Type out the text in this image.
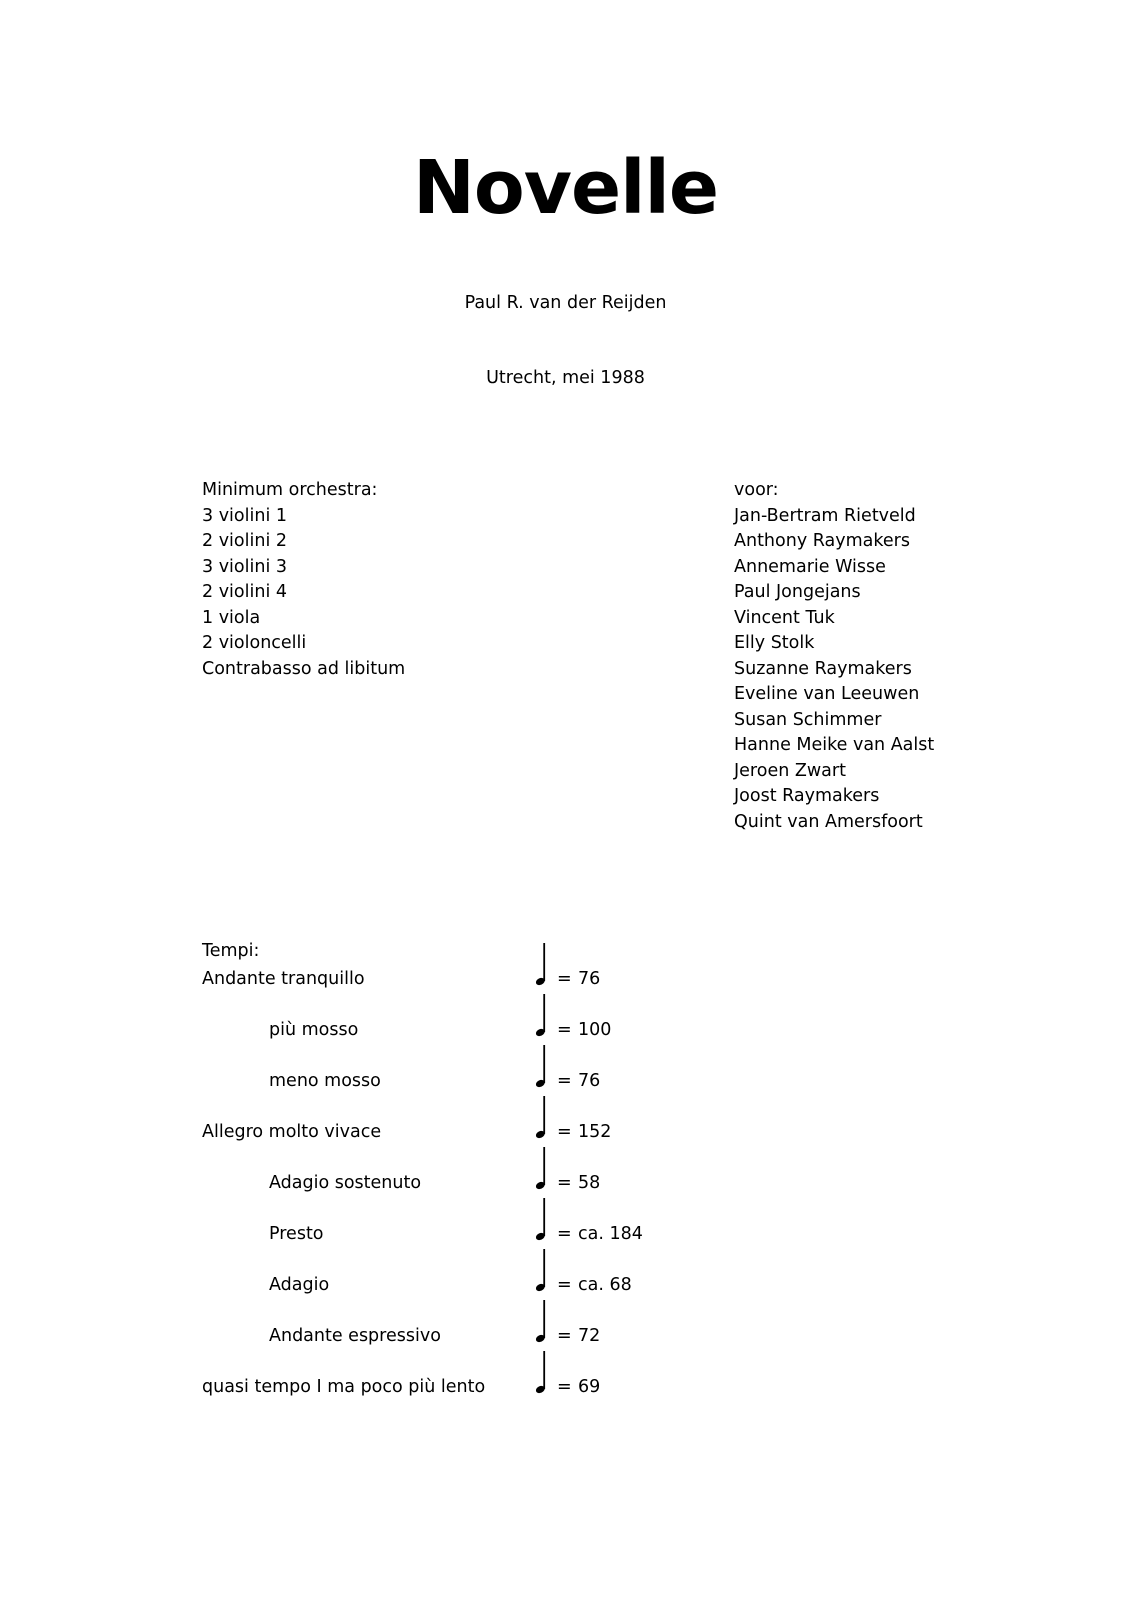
Novelle
Paul R. van der Reijden
Utrecht, mei 1988
Minimum orchestra:
3 violini 1
2 violini 2
3 violini 3
2 violini 4
1 viola
2 violoncelli
Contrabasso ad libitum
voor:
Jan-Bertram Rietveld
Anthony Raymakers
Annemarie Wisse
Paul Jongejans
Vincent Tuk
Elly Stolk
Suzanne Raymakers
Eveline van Leeuwen
Susan Schimmer
Hanne Meike van Aalst
Jeroen Zwart
Joost Raymakers
Quint van Amersfoort
Tempi:
Andante tranquillo	= 76
più mosso	= 100
meno mosso	= 76
Allegro molto vivace	= 152
Adagio sostenuto	= 58
Presto	= ca. 184
Adagio	= ca. 68
Andante espressivo	= 72
quasi tempo I ma poco più lento	= 69
